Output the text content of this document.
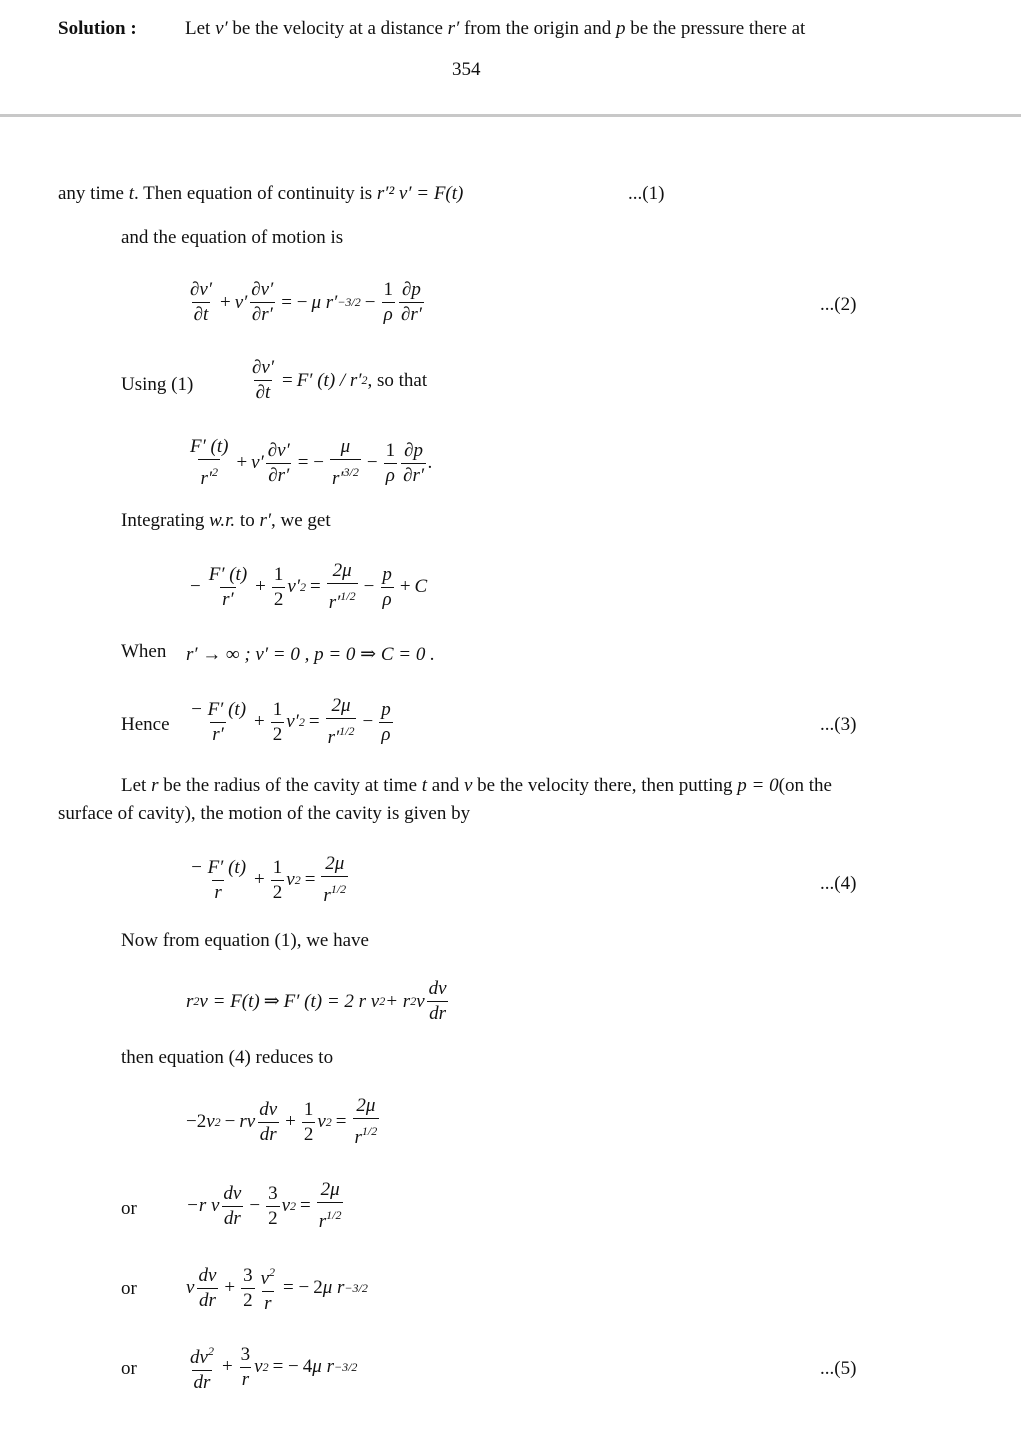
Solution :	Let v′ be the velocity at a distance r′ from the origin and p be the pressure there at
354
any time t. Then equation of continuity is r′² v′ = F(t)	...(1)
and the equation of motion is
∂v′
∂t
+ $v' \frac{\partial v'}{\partial r'}$ = − μ $r' -3/2 - \frac{1}{\rho} \partial p$
∂r′	...(2)
Using (1)	$\frac{\partial v'}{\partial t} = F'$ (t) / r′ 2 , so that
F′ (t)
$r'^2 + v' \frac{\partial v'}{\partial r'}$ = − $\frac{\mu}{r'^{3/2}} - \frac{1}{\rho} \partial p$
∂r′
.
Integrating w.r. to r′, we get
− $\frac{F' (t)}{r'} + \frac{1}{2} v'$ $2 = \frac{2\mu}{r'^{1/2}} - \frac{p}{\rho} + C$
When r′ → ∞ ; v′ = 0 , p = 0 ⇒ C = 0 .
Hence
− F′ (t)
r′
+ $\frac{1}{2} v'$ $2 = \frac{2\mu}{r'^{1/2}} - \frac{p}{\rho}$	...(3)
Let r be the radius of the cavity at time t and v be the velocity there, then putting p = 0(on the
surface of cavity), the motion of the cavity is given by
− F′ (t)
r
+ $\frac{1}{2}$ v $2 = \frac{2\mu}{r^{1/2}}$	...(4)
Now from equation (1), we have
r 2 v = F(t) ⇒ F′ (t) = 2 r v 2 + r 2 v
dv
dr
then equation (4) reduces to
−2 v 2 − rv $\frac{dv}{dr} + \frac{1}{2}$ v $2 = \frac{2\mu}{r^{1/2}}$
or	−r v
dv
dr
− $\frac{3}{2}$ v $2 = \frac{2\mu}{r^{1/2}}$
or	v
dv
dr
+ $\frac{3}{2} \frac{v^2}{r}$ = − 2 μ r −3/2
or
$dv^2$
dr
+ $\frac{3}{r}$ v 2 = − 4 μ r −3/2	...(5)
